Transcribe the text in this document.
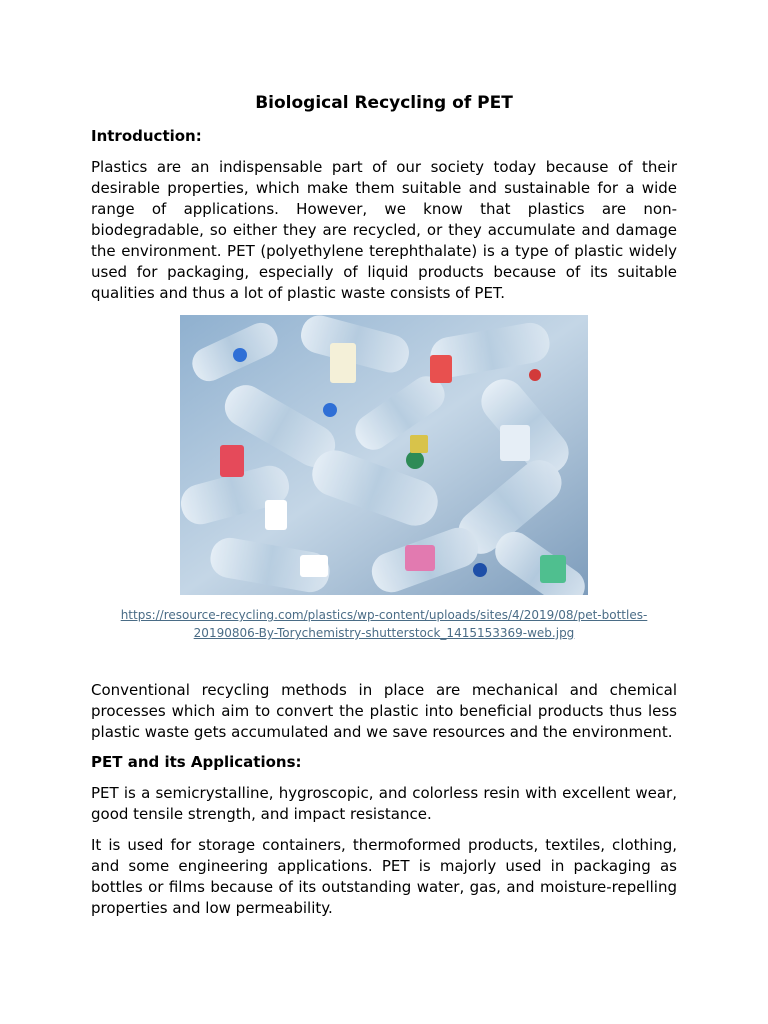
Biological Recycling of PET
Introduction:

Plastics are an indispensable part of our society today because of their desirable properties, which make them suitable and sustainable for a wide range of applications. However, we know that plastics are non-biodegradable, so either they are recycled, or they accumulate and damage the environment. PET (polyethylene terephthalate) is a type of plastic widely used for packaging, especially of liquid products because of its suitable qualities and thus a lot of plastic waste consists of PET.

https://resource-recycling.com/plastics/wp-content/uploads/sites/4/2019/08/pet-bottles-20190806-By-Torychemistry-shutterstock_1415153369-web.jpg

Conventional recycling methods in place are mechanical and chemical processes which aim to convert the plastic into beneficial products thus less plastic waste gets accumulated and we save resources and the environment.

PET and its Applications:

PET is a semicrystalline, hygroscopic, and colorless resin with excellent wear, good tensile strength, and impact resistance.

It is used for storage containers, thermoformed products, textiles, clothing, and some engineering applications. PET is majorly used in packaging as bottles or films because of its outstanding water, gas, and moisture-repelling properties and low permeability.
